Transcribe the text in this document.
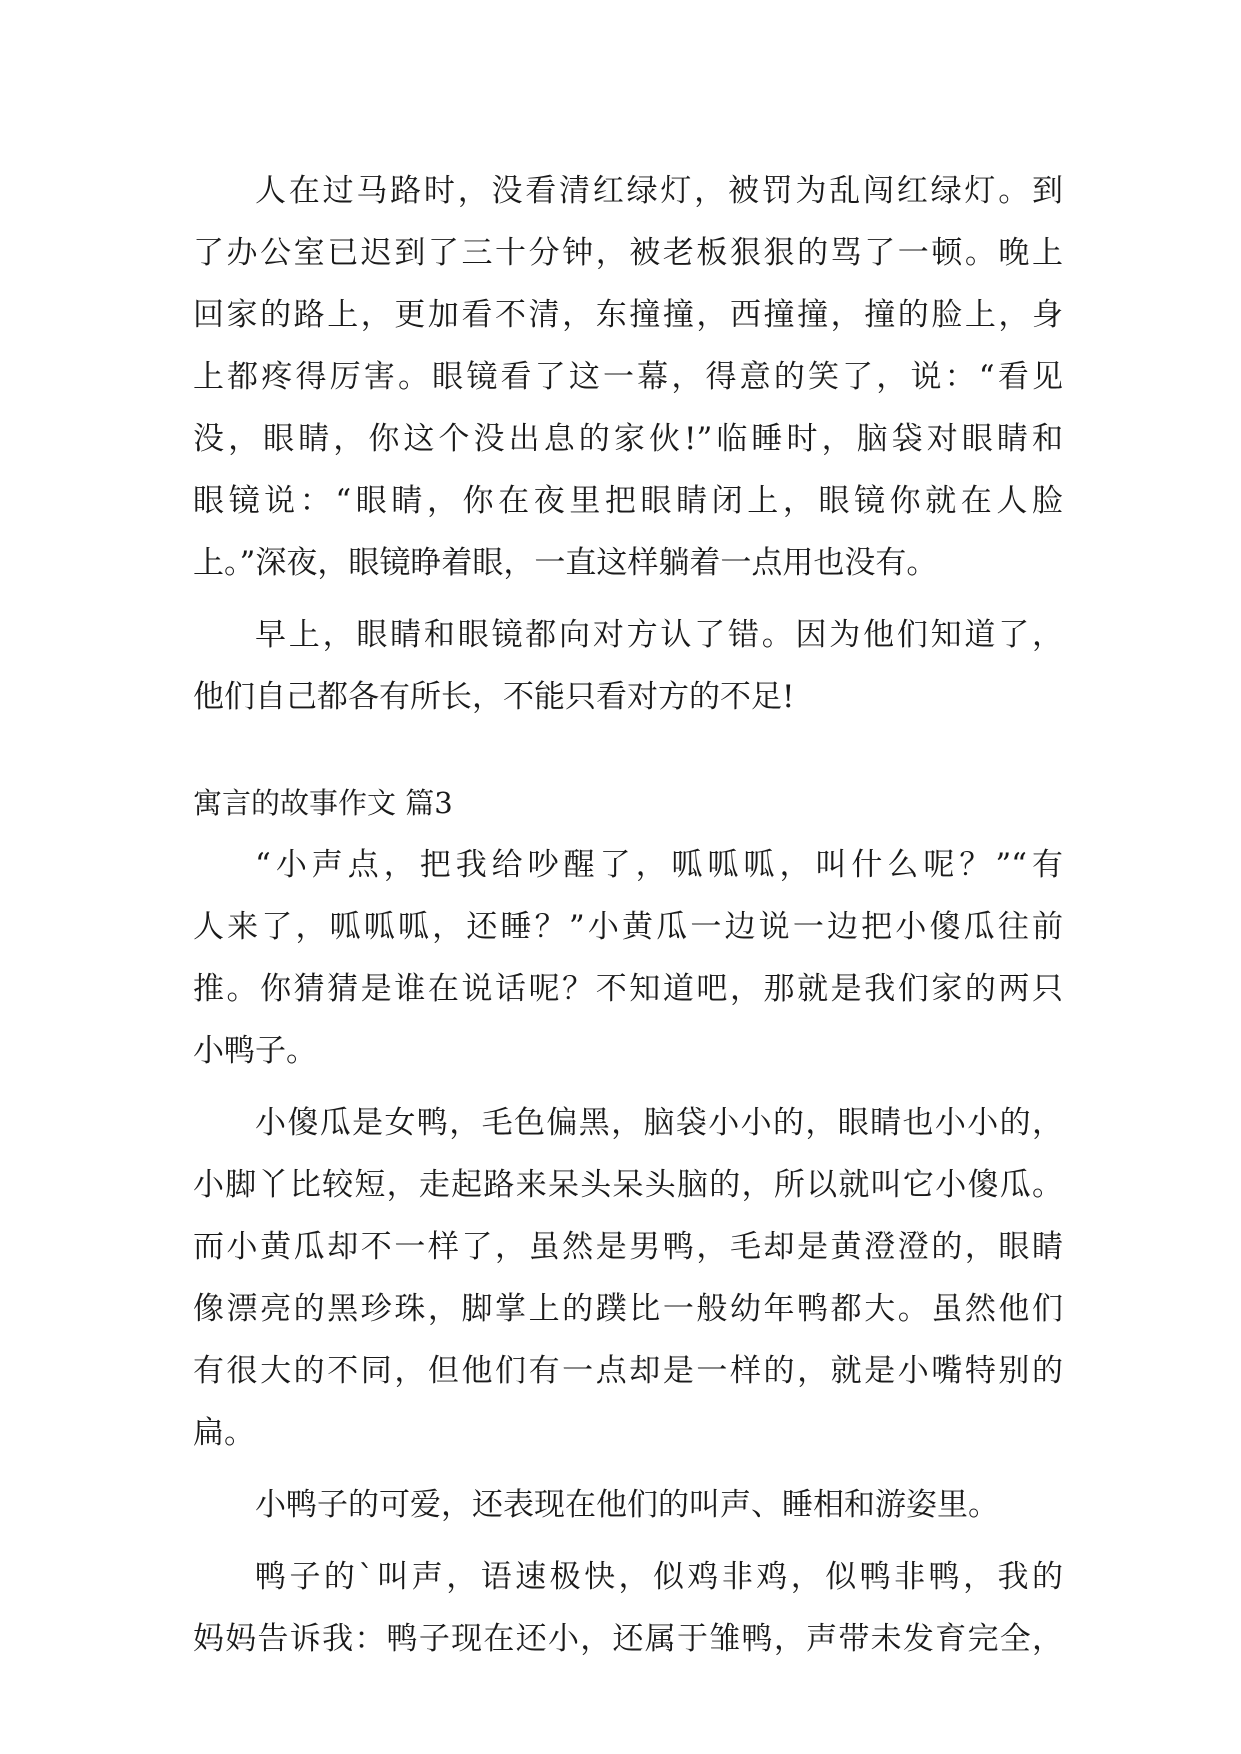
人在过马路时，没看清红绿灯，被罚为乱闯红绿灯。到
了办公室已迟到了三十分钟，被老板狠狠的骂了一顿。晚上
回家的路上，更加看不清，东撞撞，西撞撞，撞的脸上，身
上都疼得厉害。眼镜看了这一幕，得意的笑了，说：“看见
没，眼睛，你这个没出息的家伙!”临睡时，脑袋对眼睛和
眼镜说：“眼睛，你在夜里把眼睛闭上，眼镜你就在人脸
上。”深夜，眼镜睁着眼，一直这样躺着一点用也没有。
早上，眼睛和眼镜都向对方认了错。因为他们知道了，
他们自己都各有所长，不能只看对方的不足!
寓言的故事作文 篇3
“小声点，把我给吵醒了，呱呱呱，叫什么呢？”“有
人来了，呱呱呱，还睡？”小黄瓜一边说一边把小傻瓜往前
推。你猜猜是谁在说话呢？不知道吧，那就是我们家的两只
小鸭子。
小傻瓜是女鸭，毛色偏黑，脑袋小小的，眼睛也小小的，
小脚丫比较短，走起路来呆头呆头脑的，所以就叫它小傻瓜。
而小黄瓜却不一样了，虽然是男鸭，毛却是黄澄澄的，眼睛
像漂亮的黑珍珠，脚掌上的蹼比一般幼年鸭都大。虽然他们
有很大的不同，但他们有一点却是一样的，就是小嘴特别的
扁。
小鸭子的可爱，还表现在他们的叫声、睡相和游姿里。
鸭子的`叫声，语速极快，似鸡非鸡，似鸭非鸭，我的
妈妈告诉我：鸭子现在还小，还属于雏鸭，声带未发育完全，
